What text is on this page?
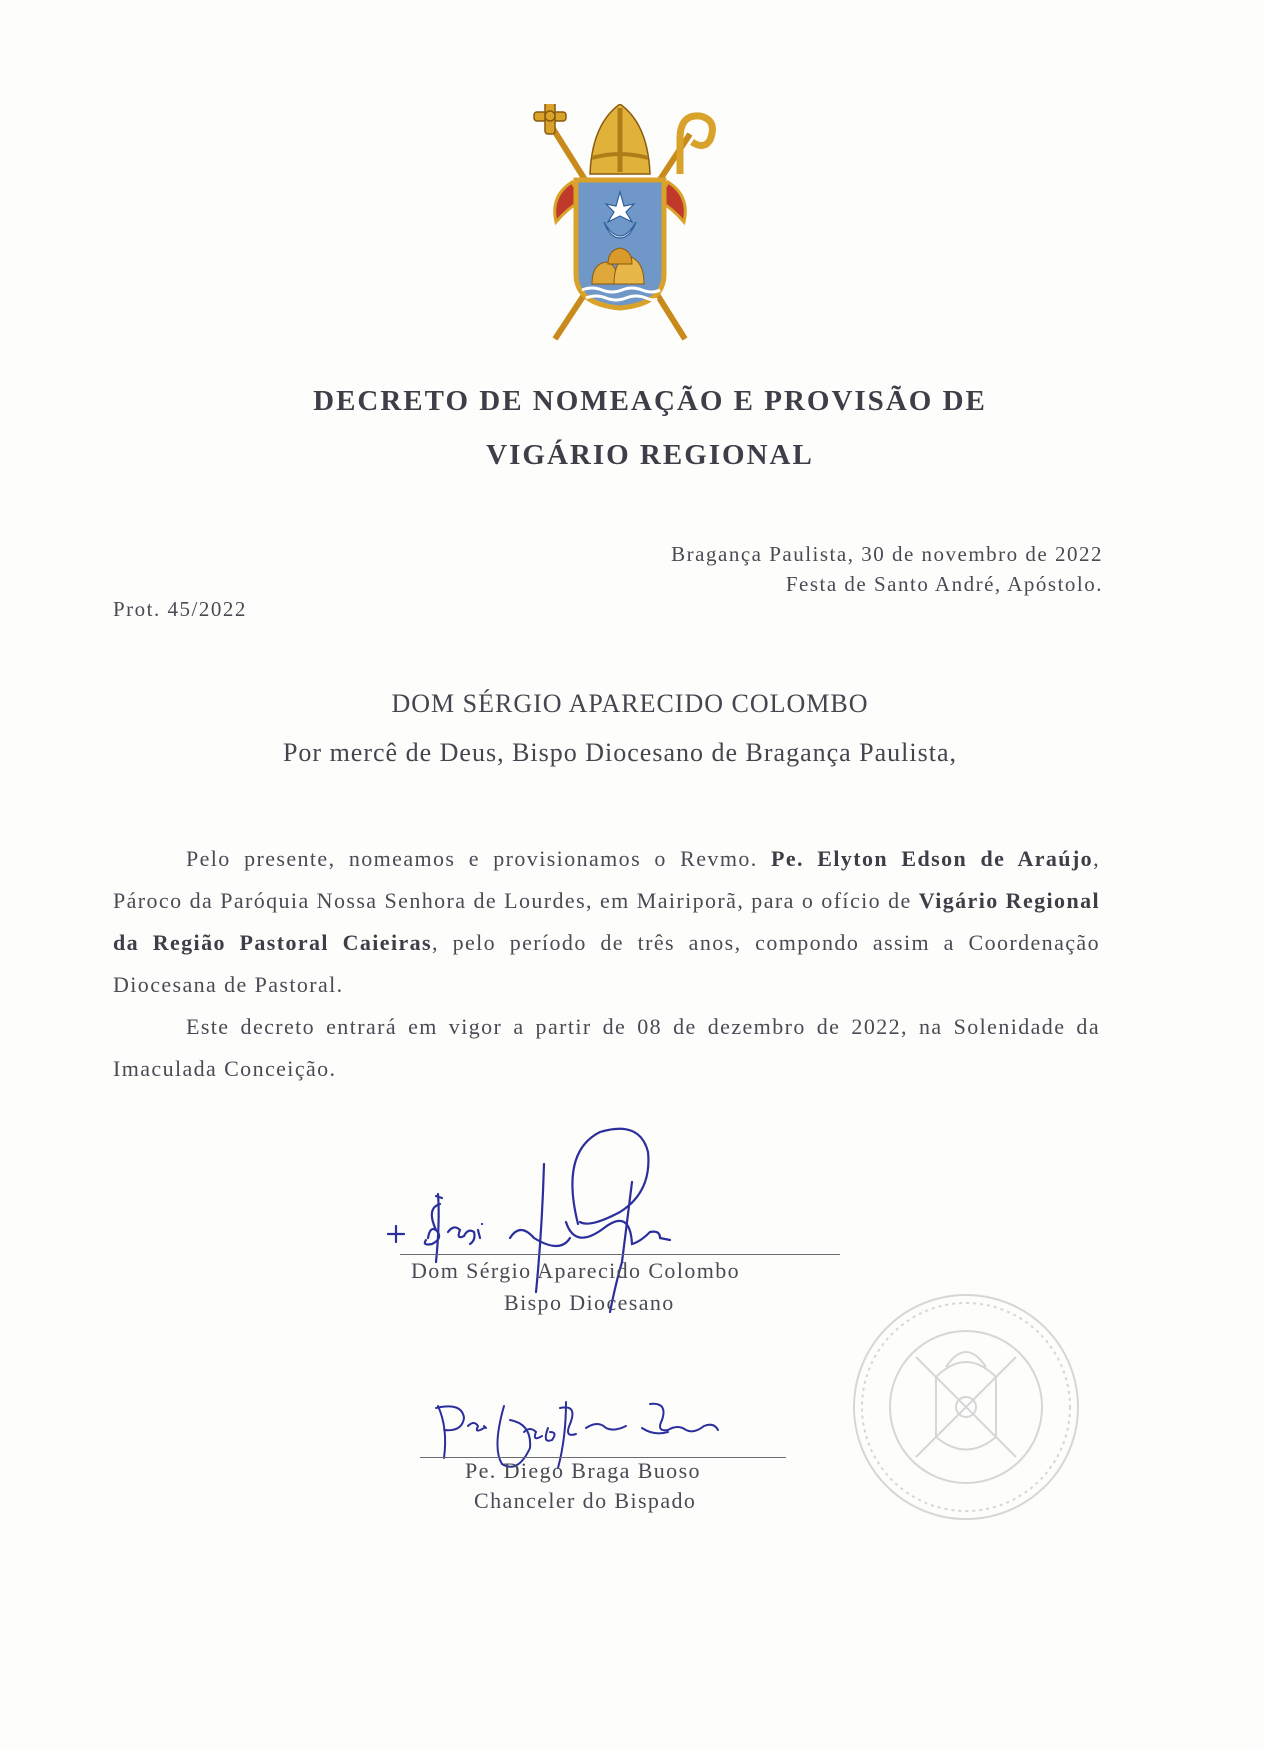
DECRETO DE NOMEAÇÃO E PROVISÃO DE
VIGÁRIO REGIONAL
Bragança Paulista, 30 de novembro de 2022
Festa de Santo André, Apóstolo.
Prot. 45/2022
DOM SÉRGIO APARECIDO COLOMBO
Por mercê de Deus, Bispo Diocesano de Bragança Paulista,

Pelo presente, nomeamos e provisionamos o Revmo. Pe. Elyton Edson de Araújo, Pároco da Paróquia Nossa Senhora de Lourdes, em Mairiporã, para o ofício de Vigário Regional da Região Pastoral Caieiras, pelo período de três anos, compondo assim a Coordenação Diocesana de Pastoral.

Este decreto entrará em vigor a partir de 08 de dezembro de 2022, na Solenidade da Imaculada Conceição.

Dom Sérgio Aparecido Colombo
Bispo Diocesano
Pe. Diego Braga Buoso
Chanceler do Bispado
